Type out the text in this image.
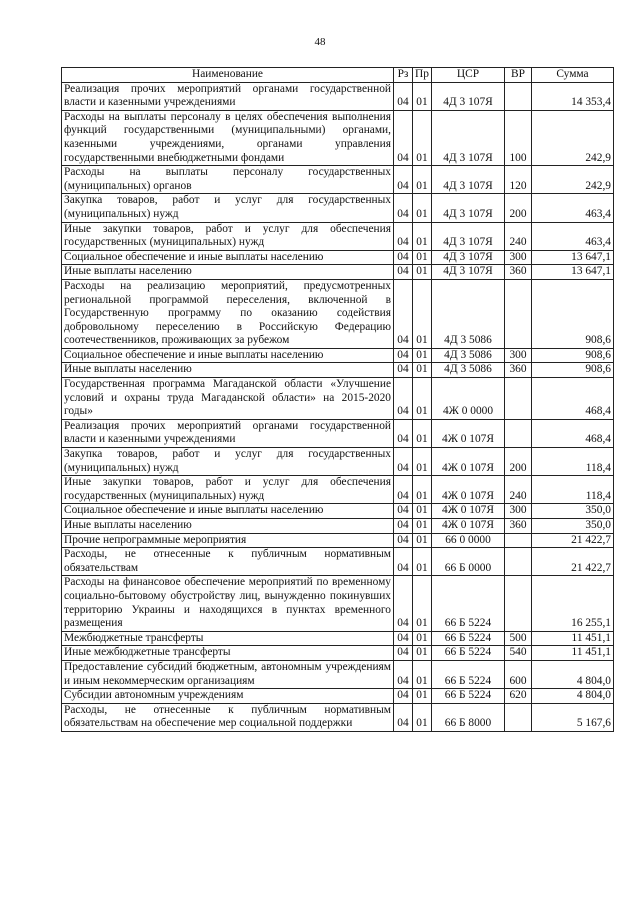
48
Наименование	Рз	Пр	ЦСР	ВР	Сумма
Реализация прочих мероприятий органами государственной власти и казенными учреждениями	04	01	4Д 3 107Я		14 353,4
Расходы на выплаты персоналу в целях обеспечения выполнения функций государственными (муниципальными) органами, казенными учреждениями, органами управления государственными внебюджетными фондами	04	01	4Д 3 107Я	100	242,9
Расходы на выплаты персоналу государственных (муниципальных) органов	04	01	4Д 3 107Я	120	242,9
Закупка товаров, работ и услуг для государственных (муниципальных) нужд	04	01	4Д 3 107Я	200	463,4
Иные закупки товаров, работ и услуг для обеспечения государственных (муниципальных) нужд	04	01	4Д 3 107Я	240	463,4
Социальное обеспечение и иные выплаты населению	04	01	4Д 3 107Я	300	13 647,1
Иные выплаты населению	04	01	4Д 3 107Я	360	13 647,1
Расходы на реализацию мероприятий, предусмотренных региональной программой переселения, включенной в Государственную программу по оказанию содействия добровольному переселению в Российскую Федерацию соотечественников, проживающих за рубежом	04	01	4Д 3 5086		908,6
Социальное обеспечение и иные выплаты населению	04	01	4Д 3 5086	300	908,6
Иные выплаты населению	04	01	4Д 3 5086	360	908,6
Государственная программа Магаданской области «Улучшение условий и охраны труда Магаданской области» на 2015-2020 годы»	04	01	4Ж 0 0000		468,4
Реализация прочих мероприятий органами государственной власти и казенными учреждениями	04	01	4Ж 0 107Я		468,4
Закупка товаров, работ и услуг для государственных (муниципальных) нужд	04	01	4Ж 0 107Я	200	118,4
Иные закупки товаров, работ и услуг для обеспечения государственных (муниципальных) нужд	04	01	4Ж 0 107Я	240	118,4
Социальное обеспечение и иные выплаты населению	04	01	4Ж 0 107Я	300	350,0
Иные выплаты населению	04	01	4Ж 0 107Я	360	350,0
Прочие непрограммные мероприятия	04	01	66 0 0000		21 422,7
Расходы, не отнесенные к публичным нормативным обязательствам	04	01	66 Б 0000		21 422,7
Расходы на финансовое обеспечение мероприятий по временному социально-бытовому обустройству лиц, вынужденно покинувших территорию Украины и находящихся в пунктах временного размещения	04	01	66 Б 5224		16 255,1
Межбюджетные трансферты	04	01	66 Б 5224	500	11 451,1
Иные межбюджетные трансферты	04	01	66 Б 5224	540	11 451,1
Предоставление субсидий бюджетным, автономным учреждениям и иным некоммерческим организациям	04	01	66 Б 5224	600	4 804,0
Субсидии автономным учреждениям	04	01	66 Б 5224	620	4 804,0
Расходы, не отнесенные к публичным нормативным обязательствам на обеспечение мер социальной поддержки	04	01	66 Б 8000		5 167,6
